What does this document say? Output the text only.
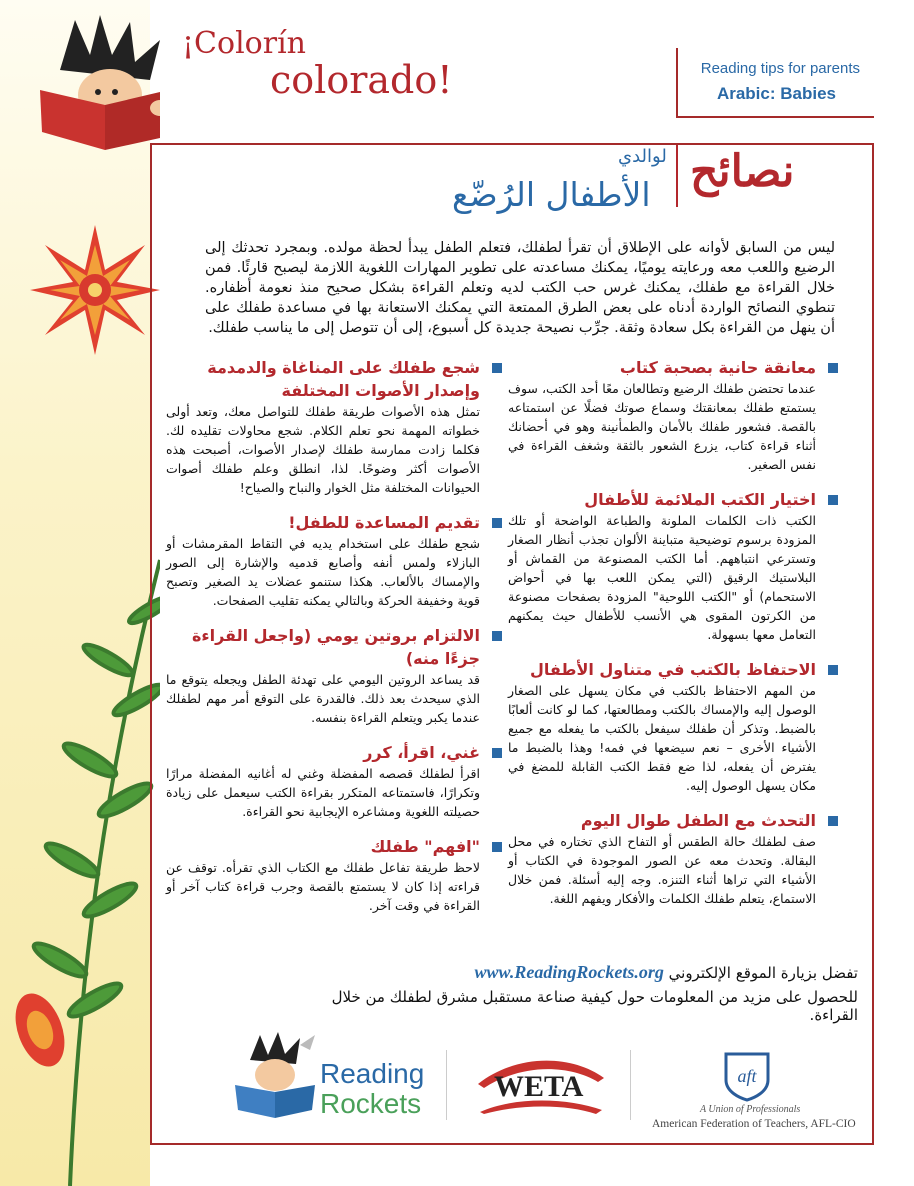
¡Colorín
colorado!	Reading tips for parents
Arabic: Babies
نصائح
لوالدي
الأطفال الرُضّع
ليس من السابق لأوانه على الإطلاق أن تقرأ لطفلك، فتعلم الطفل يبدأ لحظة مولده. وبمجرد تحدثك إلى الرضيع واللعب معه ورعايته يوميًا، يمكنك مساعدته على تطوير المهارات اللغوية اللازمة ليصبح قارئًا. فمن خلال القراءة مع طفلك، يمكنك غرس حب الكتب لديه وتعلم القراءة بشكل صحيح منذ نعومة أظفاره. تنطوي النصائح الواردة أدناه على بعض الطرق الممتعة التي يمكنك الاستعانة بها في مساعدة طفلك على أن ينهل من القراءة بكل سعادة وثقة. جرِّب نصيحة جديدة كل أسبوع، إلى أن تتوصل إلى ما يناسب طفلك.
معانقة حانية بصحبة كتاب
عندما تحتضن طفلك الرضيع وتطالعان معًا أحد الكتب، سوف يستمتع طفلك بمعانقتك وسماع صوتك فضلًا عن استمتاعه بالقصة. فشعور طفلك بالأمان والطمأنينة وهو في أحضانك أثناء قراءة كتاب، يزرع الشعور بالثقة وشغف القراءة في نفس الصغير.
اختيار الكتب الملائمة للأطفال
الكتب ذات الكلمات الملونة والطباعة الواضحة أو تلك المزودة برسوم توضيحية متباينة الألوان تجذب أنظار الصغار وتسترعي انتباههم. أما الكتب المصنوعة من القماش أو البلاستيك الرقيق (التي يمكن اللعب بها في أحواض الاستحمام) أو "الكتب اللوحية" المزودة بصفحات مصنوعة من الكرتون المقوى هي الأنسب للأطفال حيث يمكنهم التعامل معها بسهولة.
الاحتفاظ بالكتب في متناول الأطفال
من المهم الاحتفاظ بالكتب في مكان يسهل على الصغار الوصول إليه والإمساك بالكتب ومطالعتها، كما لو كانت ألعابًا بالضبط. وتذكر أن طفلك سيفعل بالكتب ما يفعله مع جميع الأشياء الأخرى – نعم سيضعها في فمه! وهذا بالضبط ما يفترض أن يفعله، لذا ضع فقط الكتب القابلة للمضغ في مكان يسهل الوصول إليه.
التحدث مع الطفل طوال اليوم
صف لطفلك حالة الطقس أو التفاح الذي تختاره في محل البقالة. وتحدث معه عن الصور الموجودة في الكتاب أو الأشياء التي تراها أثناء التنزه. وجه إليه أسئلة. فمن خلال الاستماع، يتعلم طفلك الكلمات والأفكار ويفهم اللغة.
شجع طفلك على المناغاة والدمدمة وإصدار الأصوات المختلفة
تمثل هذه الأصوات طريقة طفلك للتواصل معك، وتعد أولى خطواته المهمة نحو تعلم الكلام. شجع محاولات تقليده لك. فكلما زادت ممارسة طفلك لإصدار الأصوات، أصبحت هذه الأصوات أكثر وضوحًا. لذا، انطلق وعلم طفلك أصوات الحيوانات المختلفة مثل الخوار والنباح والصياح!
تقديم المساعدة للطفل!
شجع طفلك على استخدام يديه في التقاط المقرمشات أو البازلاء ولمس أنفه وأصابع قدميه والإشارة إلى الصور والإمساك بالألعاب. هكذا ستنمو عضلات يد الصغير وتصبح قوية وخفيفة الحركة وبالتالي يمكنه تقليب الصفحات.
الالتزام بروتين يومي (واجعل القراءة جزءًا منه)
قد يساعد الروتين اليومي على تهدئة الطفل ويجعله يتوقع ما الذي سيحدث بعد ذلك. فالقدرة على التوقع أمر مهم لطفلك عندما يكبر ويتعلم القراءة بنفسه.
غني، اقرأ، كرر
اقرأ لطفلك قصصه المفضلة وغني له أغانيه المفضلة مرارًا وتكرارًا، فاستمتاعه المتكرر بقراءة الكتب سيعمل على زيادة حصيلته اللغوية ومشاعره الإيجابية نحو القراءة.
"افهم" طفلك
لاحظ طريقة تفاعل طفلك مع الكتاب الذي تقرأه. توقف عن قراءته إذا كان لا يستمتع بالقصة وجرب قراءة كتاب آخر أو القراءة في وقت آخر.
تفضل بزيارة الموقع الإلكتروني www.ReadingRockets.org
للحصول على مزيد من المعلومات حول كيفية صناعة مستقبل مشرق لطفلك من خلال القراءة.
Reading
Rockets
WETA	aft
A Union of Professionals
American Federation of Teachers, AFL-CIO
